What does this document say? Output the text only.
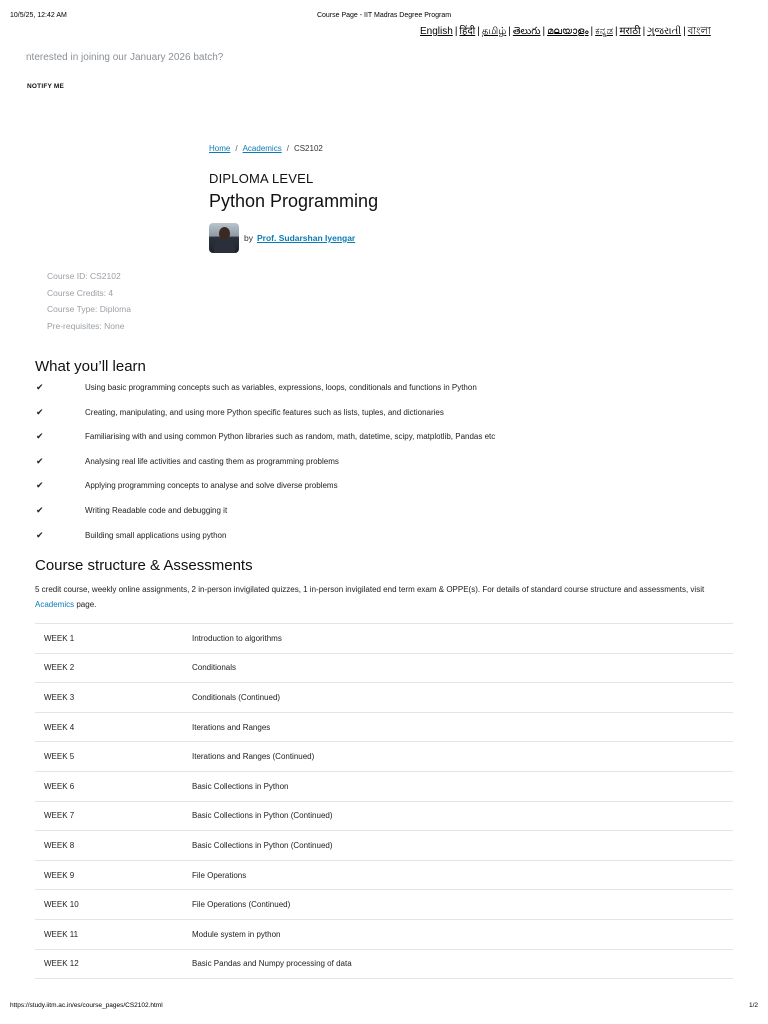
10/5/25, 12:42 AM	Course Page - IIT Madras Degree Program
English | हिंदी | தமிழ் | తెలుగు | മലയാളം | ಕನ್ನಡ | मराठी | ગુજરાતી | বাংলা
nterested in joining our January 2026 batch?
NOTIFY ME
Home / Academics / CS2102
DIPLOMA LEVEL
Python Programming
by Prof. Sudarshan Iyengar
Course ID: CS2102
Course Credits: 4
Course Type: Diploma
Pre-requisites: None
What you’ll learn
✔	Using basic programming concepts such as variables, expressions, loops, conditionals and functions in Python
✔	Creating, manipulating, and using more Python specific features such as lists, tuples, and dictionaries
✔	Familiarising with and using common Python libraries such as random, math, datetime, scipy, matplotlib, Pandas etc
✔	Analysing real life activities and casting them as programming problems
✔	Applying programming concepts to analyse and solve diverse problems
✔	Writing Readable code and debugging it
✔	Building small applications using python
Course structure & Assessments
5 credit course, weekly online assignments, 2 in-person invigilated quizzes, 1 in-person invigilated end term exam & OPPE(s). For details of standard course structure and assessments, visit Academics page.
WEEK 1	Introduction to algorithms
WEEK 2	Conditionals
WEEK 3	Conditionals (Continued)
WEEK 4	Iterations and Ranges
WEEK 5	Iterations and Ranges (Continued)
WEEK 6	Basic Collections in Python
WEEK 7	Basic Collections in Python (Continued)
WEEK 8	Basic Collections in Python (Continued)
WEEK 9	File Operations
WEEK 10	File Operations (Continued)
WEEK 11	Module system in python
WEEK 12	Basic Pandas and Numpy processing of data
https://study.iitm.ac.in/es/course_pages/CS2102.html	1/2
